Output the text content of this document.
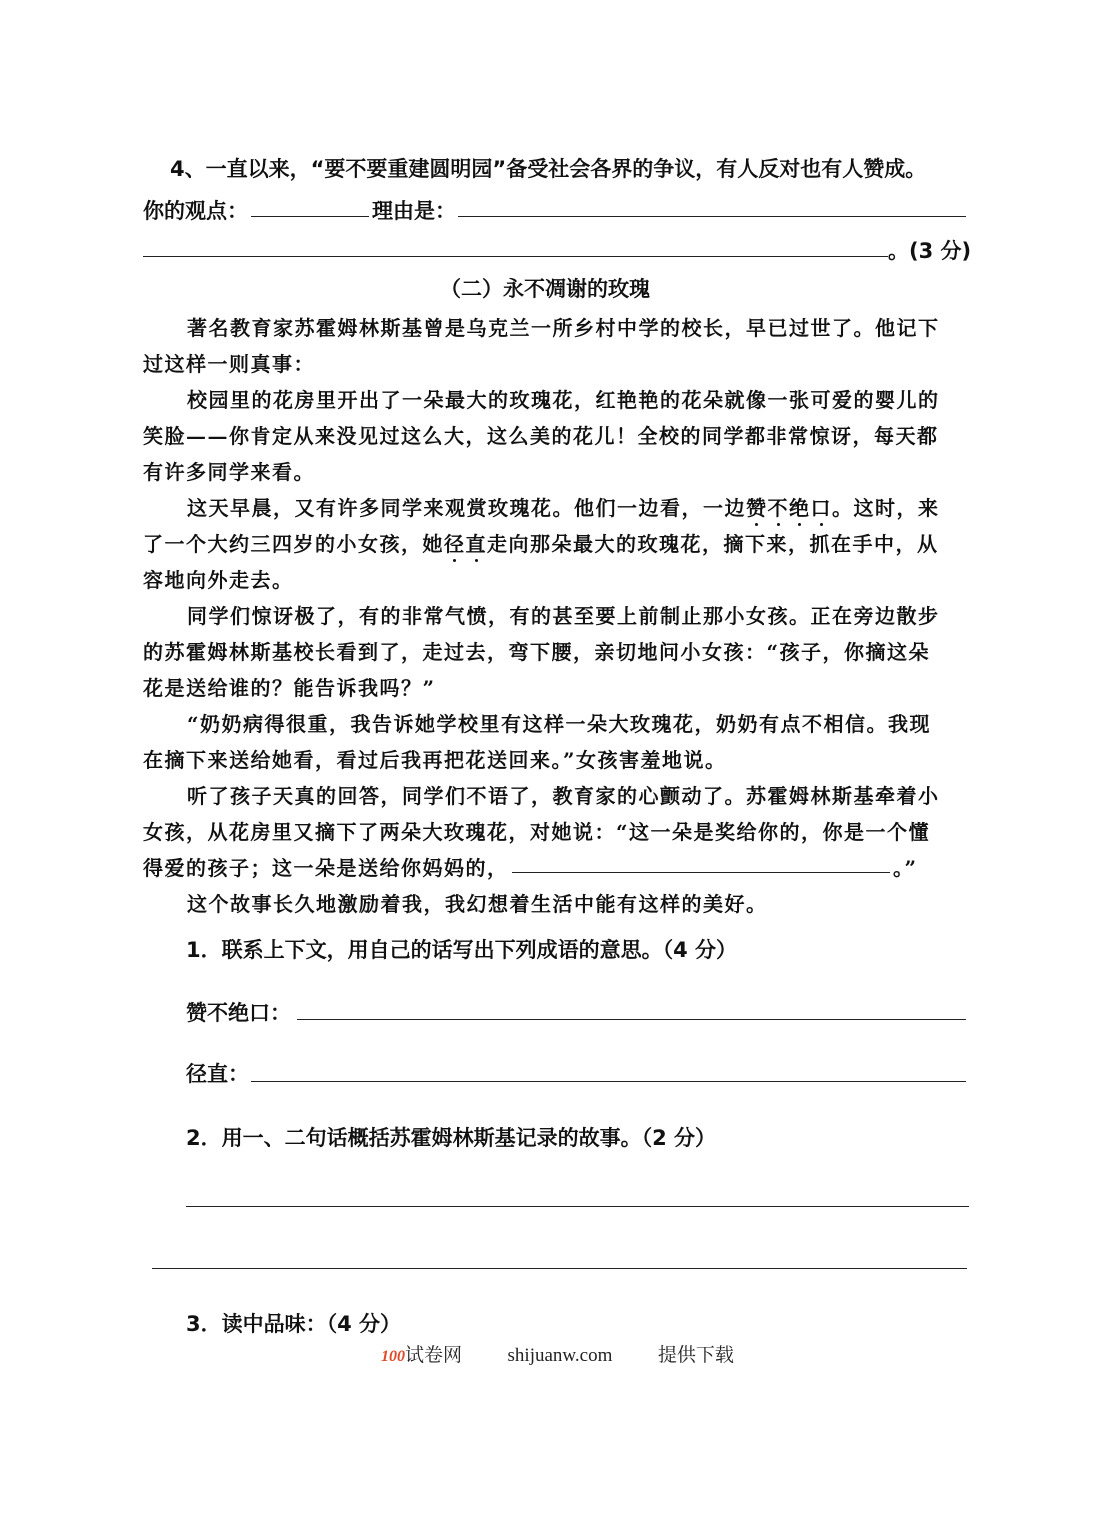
4、一直以来，“要不要重建圆明园”备受社会各界的争议，有人反对也有人赞成。
你的观点：	理由是：
。(3 分)
（二）永不凋谢的玫瑰
著名教育家苏霍姆林斯基曾是乌克兰一所乡村中学的校长，早已过世了。他记下
过这样一则真事：
校园里的花房里开出了一朵最大的玫瑰花，红艳艳的花朵就像一张可爱的婴儿的
笑脸——你肯定从来没见过这么大，这么美的花儿！全校的同学都非常惊讶，每天都
有许多同学来看。
这天早晨，又有许多同学来观赏玫瑰花。他们一边看，一边赞不绝口。这时，来
了一个大约三四岁的小女孩，她径直走向那朵最大的玫瑰花，摘下来，抓在手中，从
容地向外走去。
同学们惊讶极了，有的非常气愤，有的甚至要上前制止那小女孩。正在旁边散步
的苏霍姆林斯基校长看到了，走过去，弯下腰，亲切地问小女孩：“孩子，你摘这朵
花是送给谁的？能告诉我吗？”
“奶奶病得很重，我告诉她学校里有这样一朵大玫瑰花，奶奶有点不相信。我现
在摘下来送给她看，看过后我再把花送回来。”女孩害羞地说。
听了孩子天真的回答，同学们不语了，教育家的心颤动了。苏霍姆林斯基牵着小
女孩，从花房里又摘下了两朵大玫瑰花，对她说：“这一朵是奖给你的，你是一个懂
得爱的孩子；这一朵是送给你妈妈的，	。”
这个故事长久地激励着我，我幻想着生活中能有这样的美好。
1．联系上下文，用自己的话写出下列成语的意思。（4 分）
赞不绝口：
径直：
2．用一、二句话概括苏霍姆林斯基记录的故事。（2 分）
3．读中品味：（4 分）
100试卷网 shijuanw.com 提供下载
